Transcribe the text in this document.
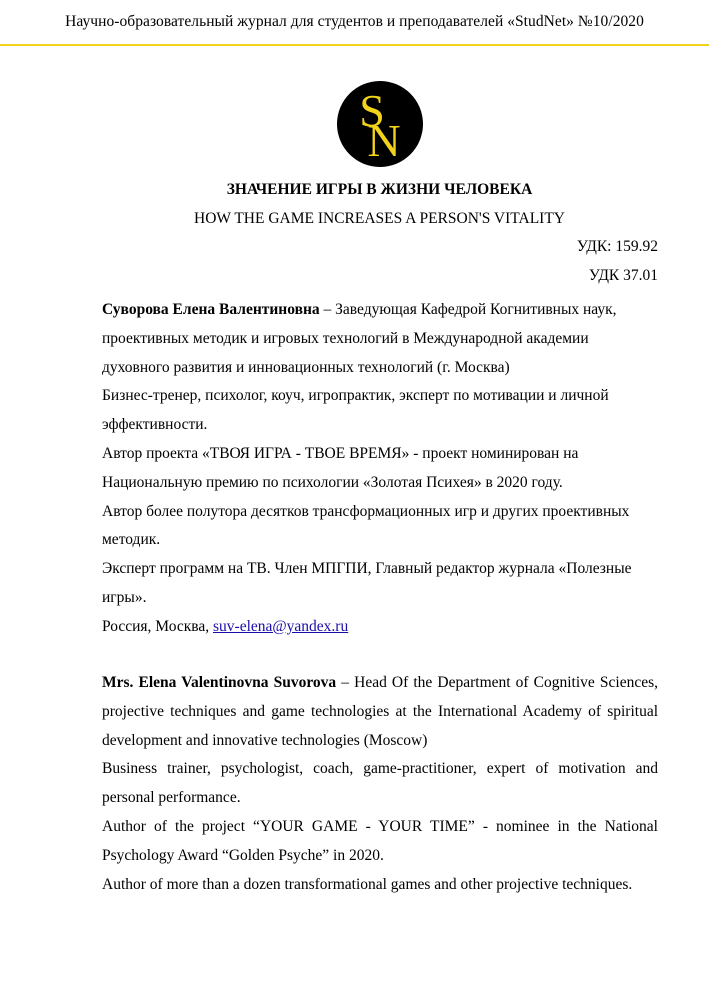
Научно-образовательный журнал для студентов и преподавателей «StudNet» №10/2020
S
N
ЗНАЧЕНИЕ ИГРЫ В ЖИЗНИ ЧЕЛОВЕКА
HOW THE GAME INCREASES A PERSON'S VITALITY
УДК: 159.92
УДК 37.01

Суворова Елена Валентиновна – Заведующая Кафедрой Когнитивных наук, проективных методик и игровых технологий в Международной академии духовного развития и инновационных технологий (г. Москва)

Бизнес-тренер, психолог, коуч, игропрактик, эксперт по мотивации и личной эффективности.

Автор проекта «ТВОЯ ИГРА - ТВОЕ ВРЕМЯ» - проект номинирован на Национальную премию по психологии «Золотая Психея» в 2020 году.

Автор более полутора десятков трансформационных игр и других проективных методик.

Эксперт программ на ТВ. Член МПГПИ, Главный редактор журнала «Полезные игры».

Россия, Москва, suv-elena@yandex.ru

Mrs. Elena Valentinovna Suvorova – Head Of the Department of Cognitive Sciences, projective techniques and game technologies at the International Academy of spiritual development and innovative technologies (Moscow)

Business trainer, psychologist, coach, game-practitioner, expert of motivation and personal performance.

Author of the project “YOUR GAME - YOUR TIME” - nominee in the National Psychology Award “Golden Psyche” in 2020.

Author of more than a dozen transformational games and other projective techniques.
